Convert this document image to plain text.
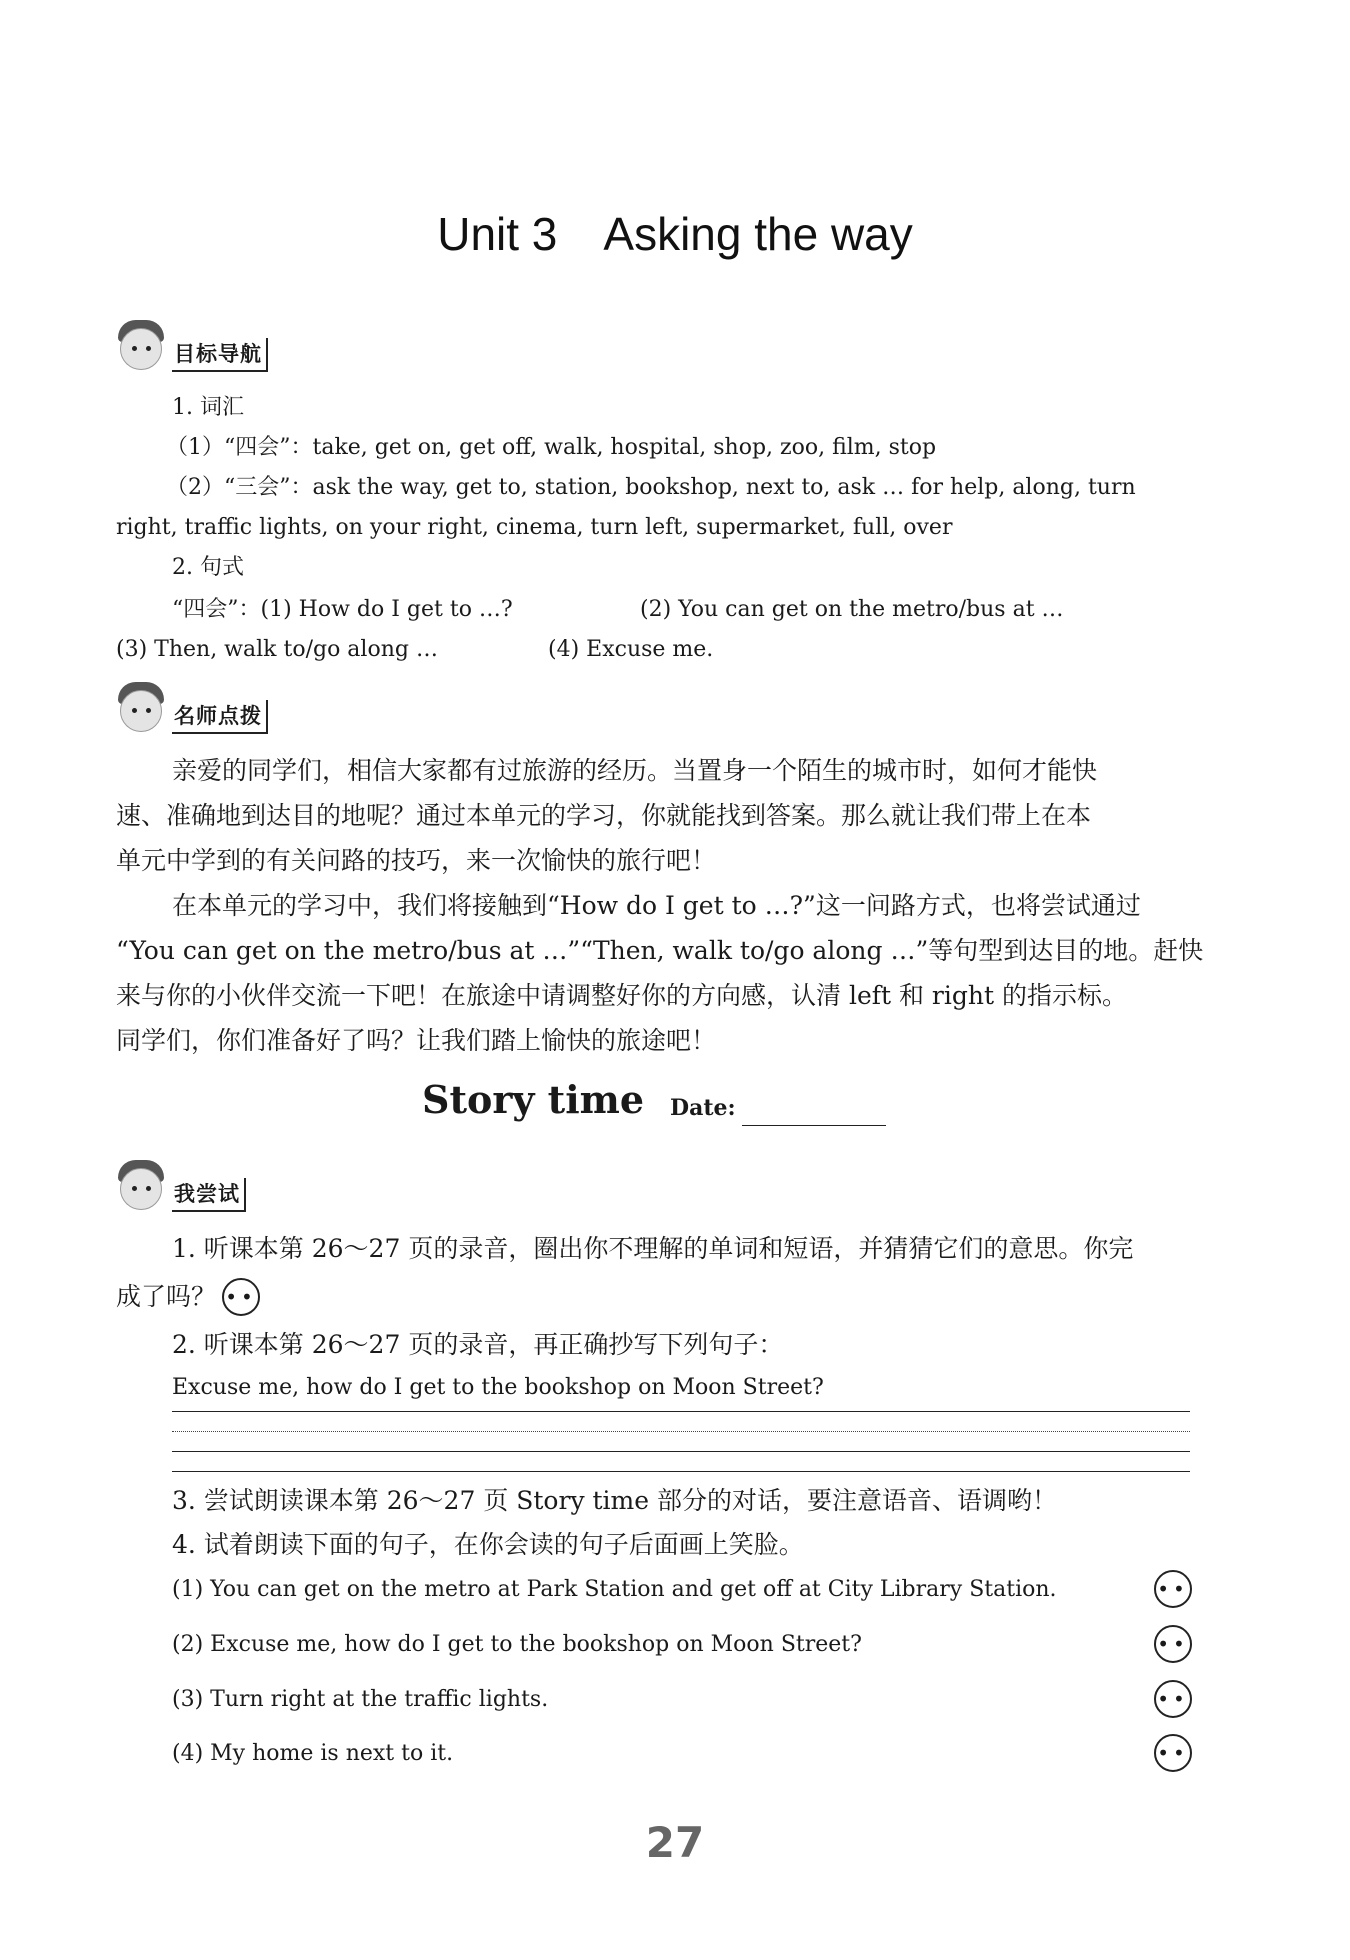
Unit 3　Asking the way
目标导航
1. 词汇
（1）“四会”：take, get on, get off, walk, hospital, shop, zoo, film, stop
（2）“三会”：ask the way, get to, station, bookshop, next to, ask … for help, along, turn
right, traffic lights, on your right, cinema, turn left, supermarket, full, over
2. 句式
“四会”：(1) How do I get to …?	(2) You can get on the metro/bus at …
(3) Then, walk to/go along …	(4) Excuse me.
名师点拨
亲爱的同学们，相信大家都有过旅游的经历。当置身一个陌生的城市时，如何才能快
速、准确地到达目的地呢？通过本单元的学习，你就能找到答案。那么就让我们带上在本
单元中学到的有关问路的技巧，来一次愉快的旅行吧！
在本单元的学习中，我们将接触到“How do I get to …?”这一问路方式，也将尝试通过
“You can get on the metro/bus at …”“Then, walk to/go along …”等句型到达目的地。赶快
来与你的小伙伴交流一下吧！在旅途中请调整好你的方向感，认清 left 和 right 的指示标。
同学们，你们准备好了吗？让我们踏上愉快的旅途吧！
Story time Date:
我尝试
1. 听课本第 26～27 页的录音，圈出你不理解的单词和短语，并猜猜它们的意思。你完
成了吗？ ••
2. 听课本第 26～27 页的录音，再正确抄写下列句子：
Excuse me, how do I get to the bookshop on Moon Street?
3. 尝试朗读课本第 26～27 页 Story time 部分的对话，要注意语音、语调哟！
4. 试着朗读下面的句子，在你会读的句子后面画上笑脸。
(1) You can get on the metro at Park Station and get off at City Library Station.	••
(2) Excuse me, how do I get to the bookshop on Moon Street?	••
(3) Turn right at the traffic lights.	••
(4) My home is next to it.	••
27
